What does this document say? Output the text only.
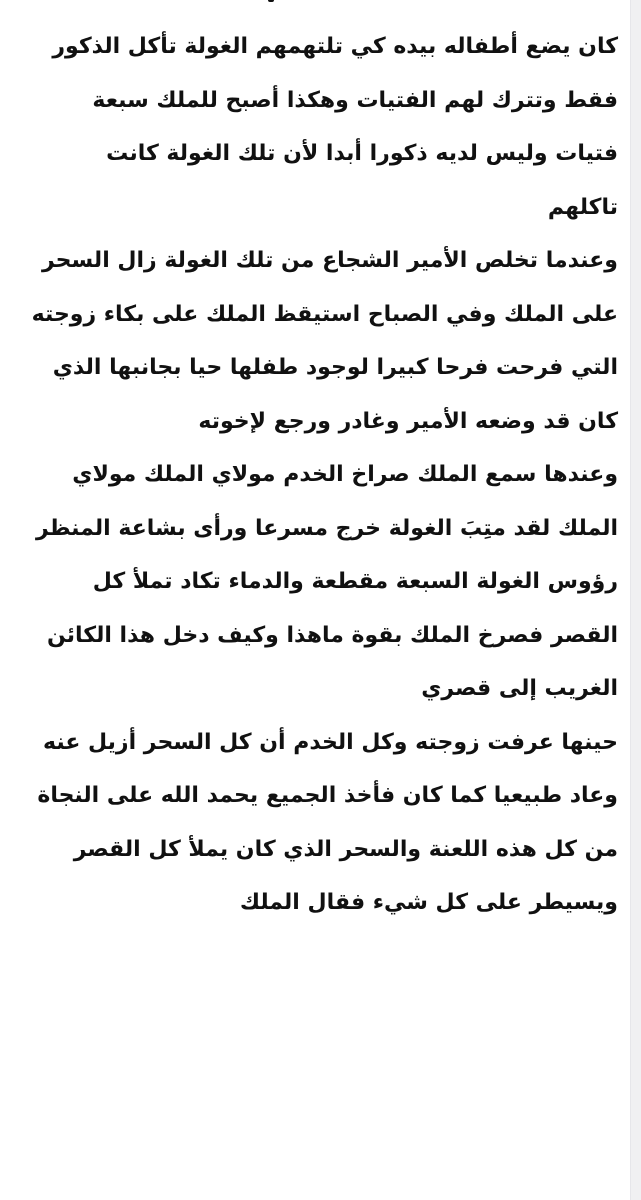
كان يضع أطفاله بيده كي تلتهمهم الغولة تأكل الذكور
فقط وتترك لهم الفتيات وهكذا أصبح للملك سبعة
فتيات وليس لديه ذكورا أبدا لأن تلك الغولة كانت
تاكلهم
وعندما تخلص الأمير الشجاع من تلك الغولة زال السحر
على الملك وفي الصباح استيقظ الملك على بكاء زوجته
التي فرحت فرحا كبيرا لوجود طفلها حيا بجانبها الذي
كان قد وضعه الأمير وغادر ورجع لإخوته
وعندها سمع الملك صراخ الخدم مولاي الملك مولاي
الملك لقد متِبَ الغولة خرج مسرعا ورأى بشاعة المنظر
رؤوس الغولة السبعة مقطعة والدماء تكاد تملأ كل
القصر فصرخ الملك بقوة ماهذا وكيف دخل هذا الكائن
الغريب إلى قصري
حينها عرفت زوجته وكل الخدم أن كل السحر أزيل عنه
وعاد طبيعيا كما كان فأخذ الجميع يحمد الله على النجاة
من كل هذه اللعنة والسحر الذي كان يملأ كل القصر
ويسيطر على كل شيء فقال الملك
